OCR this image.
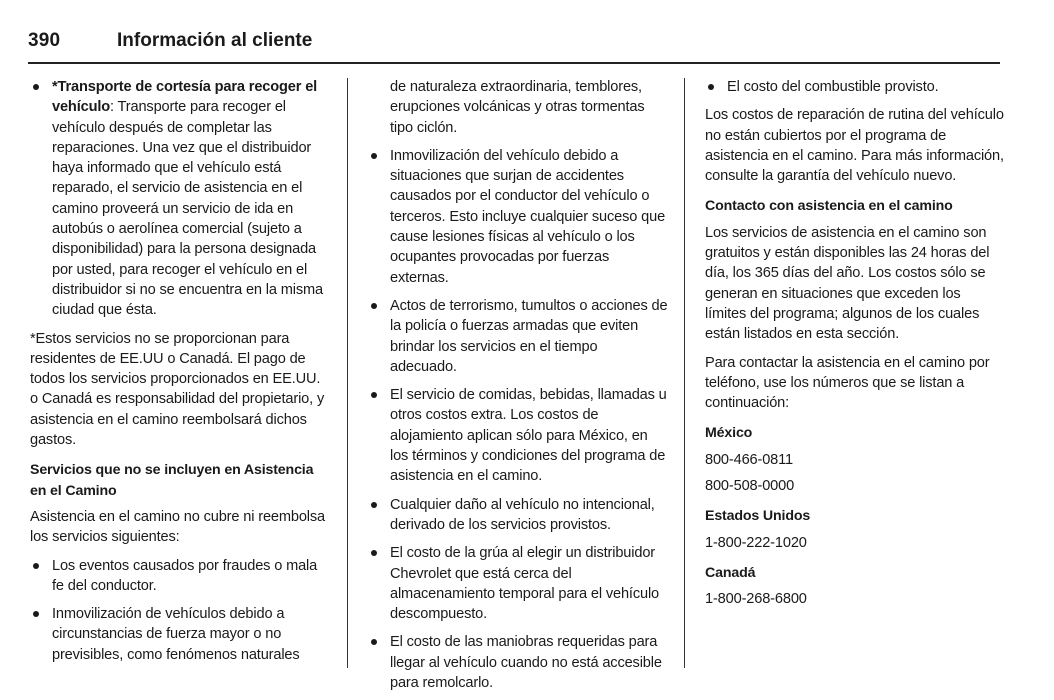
390	Información al cliente
*Transporte de cortesía para recoger el vehículo: Transporte para recoger el vehículo después de completar las reparaciones. Una vez que el distribuidor haya informado que el vehículo está reparado, el servicio de asistencia en el camino proveerá un servicio de ida en autobús o aerolínea comercial (sujeto a disponibilidad) para la persona designada por usted, para recoger el vehículo en el distribuidor si no se encuentra en la misma ciudad que ésta.

*Estos servicios no se proporcionan para residentes de EE.UU o Canadá. El pago de todos los servicios proporcionados en EE.UU. o Canadá es responsabilidad del propietario, y asistencia en el camino reembolsará dichos gastos.

Servicios que no se incluyen en Asistencia en el Camino

Asistencia en el camino no cubre ni reembolsa los servicios siguientes:

Los eventos causados por fraudes o mala fe del conductor.
Inmovilización de vehículos debido a circunstancias de fuerza mayor o no previsibles, como fenómenos naturales

de naturaleza extraordinaria, temblores, erupciones volcánicas y otras tormentas tipo ciclón.

Inmovilización del vehículo debido a situaciones que surjan de accidentes causados por el conductor del vehículo o terceros. Esto incluye cualquier suceso que cause lesiones físicas al vehículo o los ocupantes provocadas por fuerzas externas.
Actos de terrorismo, tumultos o acciones de la policía o fuerzas armadas que eviten brindar los servicios en el tiempo adecuado.
El servicio de comidas, bebidas, llamadas u otros costos extra. Los costos de alojamiento aplican sólo para México, en los términos y condiciones del programa de asistencia en el camino.
Cualquier daño al vehículo no intencional, derivado de los servicios provistos.
El costo de la grúa al elegir un distribuidor Chevrolet que está cerca del almacenamiento temporal para el vehículo descompuesto.
El costo de las maniobras requeridas para llegar al vehículo cuando no está accesible para remolcarlo.
El costo del combustible provisto.

Los costos de reparación de rutina del vehículo no están cubiertos por el programa de asistencia en el camino. Para más información, consulte la garantía del vehículo nuevo.

Contacto con asistencia en el camino

Los servicios de asistencia en el camino son gratuitos y están disponibles las 24 horas del día, los 365 días del año. Los costos sólo se generan en situaciones que exceden los límites del programa; algunos de los cuales están listados en esta sección.

Para contactar la asistencia en el camino por teléfono, use los números que se listan a continuación:

México

800-466-0811

800-508-0000

Estados Unidos

1-800-222-1020

Canadá

1-800-268-6800
